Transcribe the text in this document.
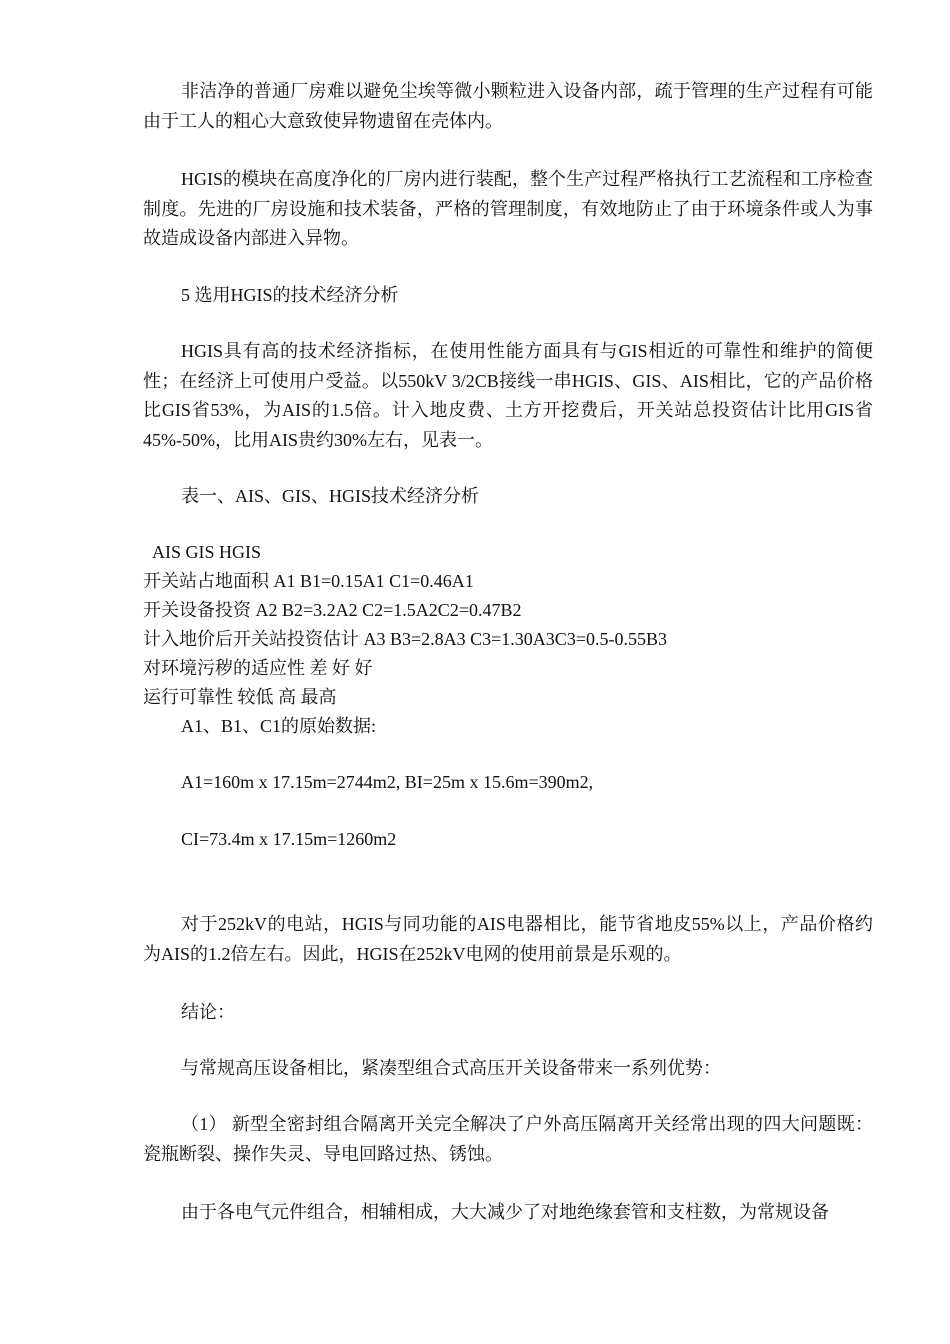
非洁净的普通厂房难以避免尘埃等微小颗粒进入设备内部，疏于管理的生产过程有可能由于工人的粗心大意致使异物遗留在壳体内。

HGIS的模块在高度净化的厂房内进行装配，整个生产过程严格执行工艺流程和工序检查制度。先进的厂房设施和技术装备，严格的管理制度，有效地防止了由于环境条件或人为事故造成设备内部进入异物。

5 选用HGIS的技术经济分析

HGIS具有高的技术经济指标，在使用性能方面具有与GIS相近的可靠性和维护的简便性；在经济上可使用户受益。以550kV 3/2CB接线一串HGIS、GIS、AIS相比，它的产品价格比GIS省53%，为AIS的1.5倍。计入地皮费、土方开挖费后，开关站总投资估计比用GIS省45%-50%，比用AIS贵约30%左右，见表一。

表一、AIS、GIS、HGIS技术经济分析

AIS GIS HGIS

开关站占地面积 A1 B1=0.15A1 C1=0.46A1

开关设备投资 A2 B2=3.2A2 C2=1.5A2C2=0.47B2

计入地价后开关站投资估计 A3 B3=2.8A3 C3=1.30A3C3=0.5-0.55B3

对环境污秽的适应性 差 好 好

运行可靠性 较低 高 最高

A1、B1、C1的原始数据:

A1=160m x 17.15m=2744m2, BI=25m x 15.6m=390m2,

CI=73.4m x 17.15m=1260m2

对于252kV的电站，HGIS与同功能的AIS电器相比，能节省地皮55%以上，产品价格约为AIS的1.2倍左右。因此，HGIS在252kV电网的使用前景是乐观的。

结论：

与常规高压设备相比，紧凑型组合式高压开关设备带来一系列优势：

（1） 新型全密封组合隔离开关完全解决了户外高压隔离开关经常出现的四大问题既：瓷瓶断裂、操作失灵、导电回路过热、锈蚀。

由于各电气元件组合，相辅相成，大大减少了对地绝缘套管和支柱数，为常规设备
